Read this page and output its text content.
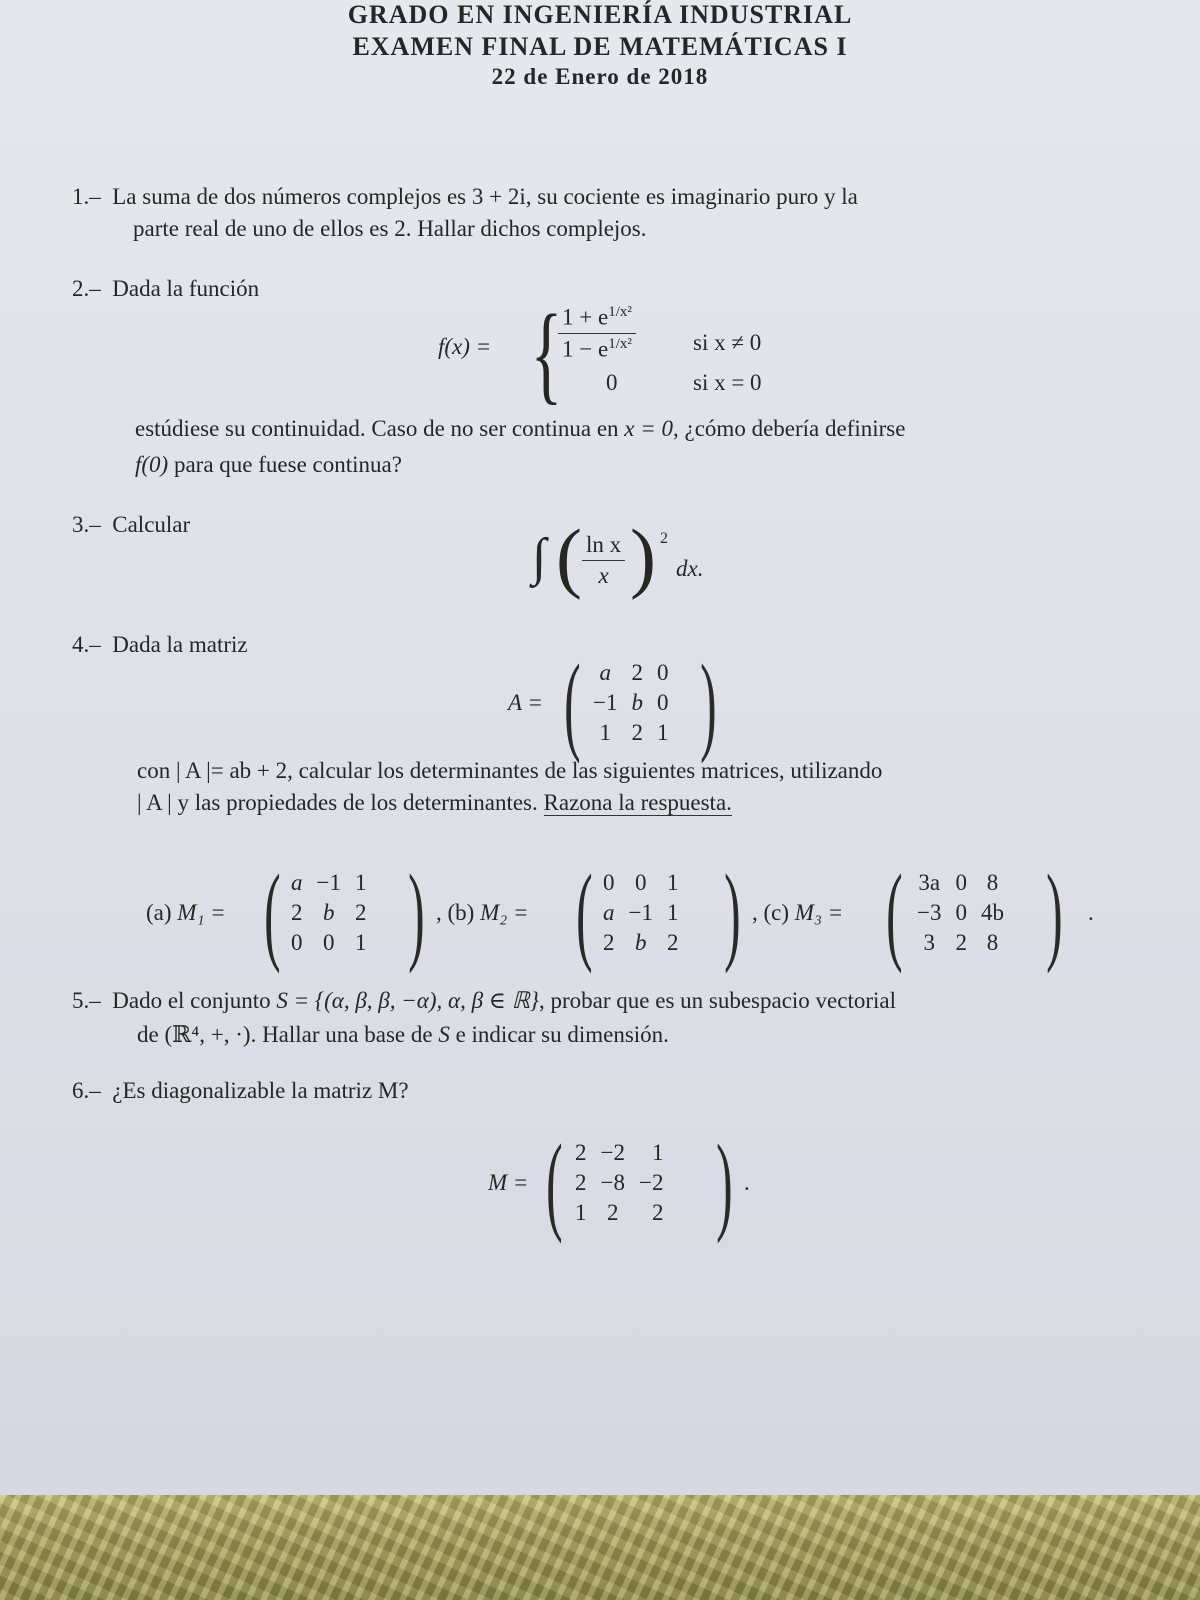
GRADO EN INGENIERÍA INDUSTRIAL
EXAMEN FINAL DE MATEMÁTICAS I
22 de Enero de 2018
1.– La suma de dos números complejos es 3 + 2i, su cociente es imaginario puro y la
parte real de uno de ellos es 2. Hallar dichos complejos.
2.– Dada la función
f(x) = {
$\frac{1 + e^{1/x^2}}{1 - e^{1/x^2}}$ si x ≠ 0
0	si x = 0
estúdiese su continuidad. Caso de no ser continua en x = 0, ¿cómo debería definirse
f(0) para que fuese continua?
3.– Calcular
∫ ( $\frac{\text{ln x}}{x}$ ) 2
dx.
4.– Dada la matriz
A = ( a	2	0
−1	b	0
1	2	1 )
con | A |= ab + 2, calcular los determinantes de las siguientes matrices, utilizando
| A | y las propiedades de los determinantes. Razona la respuesta.
(a) M₁ = ( a	−1	1
2	b	2
0	0	1 ) , (b) M₂ = ( 0	0	1
a	−1	1
2	b	2 ) , (c) M₃ = ( 3a	0	8
−3	0	4b
3	2	8 )	.
5.– Dado el conjunto S = {(α, β, β, −α), α, β ∈ ℝ}, probar que es un subespacio vectorial
de (ℝ⁴, +, ·). Hallar una base de S e indicar su dimensión.
6.– ¿Es diagonalizable la matriz M?
M = ( 2	−2	1
2	−8	−2
1	2	2 ) .
